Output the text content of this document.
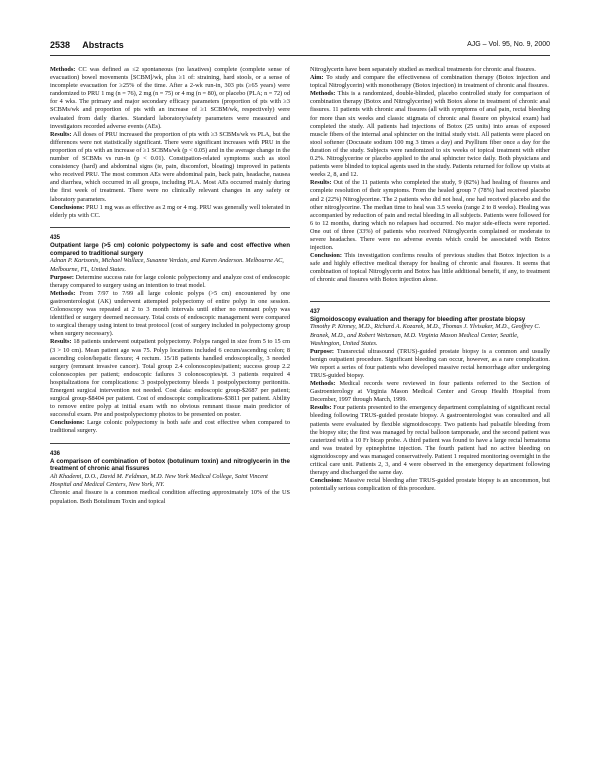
2538 Abstracts	AJG – Vol. 95, No. 9, 2000

Methods: CC was defined as ≤2 spontaneous (no laxatives) complete (complete sense of evacuation) bowel movements [SCBM]/wk, plus ≥1 of: straining, hard stools, or a sense of incomplete evacuation for ≥25% of the time. After a 2-wk run-in, 303 pts (≥65 years) were randomized to PRU 1 mg (n = 76), 2 mg (n = 75) or 4 mg (n = 80), or placebo (PLA; n = 72) od for 4 wks. The primary and major secondary efficacy parameters (proportion of pts with ≥3 SCBMs/wk and proportion of pts with an increase of ≥1 SCBM/wk, respectively) were evaluated from daily diaries. Standard laboratory/safety parameters were measured and investigators recorded adverse events (AEs).

Results: All doses of PRU increased the proportion of pts with ≥3 SCBMs/wk vs PLA, but the differences were not statistically significant. There were significant increases with PRU in the proportion of pts with an increase of ≥1 SCBMs/wk (p < 0.05) and in the average change in the number of SCBMs vs run-in (p < 0.01). Constipation-related symptoms such as stool consistency (hard) and abdominal signs (ie, pain, discomfort, bloating) improved in patients who received PRU. The most common AEs were abdominal pain, back pain, headache, nausea and diarrhea, which occurred in all groups, including PLA. Most AEs occurred mainly during the first week of treatment. There were no clinically relevant changes in any safety or laboratory parameters.

Conclusions: PRU 1 mg was as effective as 2 mg or 4 mg. PRU was generally well tolerated in elderly pts with CC.

435

Outpatient large (>5 cm) colonic polypectomy is safe and cost effective when compared to traditional surgery

Adnan P. Kartsonis, Michael Wallace, Susanne Verdais, and Karen Anderson. Melbourne AC, Melbourne, FL, United States.

Purpose: Determine success rate for large colonic polypectomy and analyze cost of endoscopic therapy compared to surgery using an intention to treat model.

Methods: From 7/97 to 7/99 all large colonic polyps (>5 cm) encountered by one gastroenterologist (AK) underwent attempted polypectomy of entire polyp in one session. Colonoscopy was repeated at 2 to 3 month intervals until either no remnant polyp was identified or surgery deemed necessary. Total costs of endoscopic management were compared to surgical therapy using intent to treat protocol (cost of surgery included in polypectomy group when surgery necessary).

Results: 18 patients underwent outpatient polypectomy. Polyps ranged in size from 5 to 15 cm (3 > 10 cm). Mean patient age was 75. Polyp locations included 6 cecum/ascending colon; 8 ascending colon/hepatic flexure; 4 rectum. 15/18 patients handled endoscopically, 3 needed surgery (remnant invasive cancer). Total group 2.4 colonoscopies/patient; success group 2.2 colonoscopies per patient; endoscopic failures 3 colonoscopies/pt. 3 patients required 4 hospitalizations for complications: 3 postpolypectomy bleeds 1 postpolypectomy peritonitis. Emergent surgical intervention not needed. Cost data: endoscopic group-$2687 per patient; surgical group-$8404 per patient. Cost of endoscopic complications-$3811 per patient. Ability to remove entire polyp at initial exam with no obvious remnant tissue main predictor of successful exam. Pre and postpolypectomy photos to be presented on poster.

Conclusions: Large colonic polypectomy is both safe and cost effective when compared to traditional surgery.

436

A comparison of combination of botox (botulinum toxin) and nitroglycerin in the treatment of chronic anal fissures

Ali Khademi, D.O., David M. Feldman, M.D. New York Medical College, Saint Vincent Hospital and Medical Centers, New York, NY.

Chronic anal fissure is a common medical condition affecting approximately 10% of the US population. Both Botulinum Toxin and topical

Nitroglycerin have been separately studied as medical treatments for chronic anal fissures.

Aim: To study and compare the effectiveness of combination therapy (Botox injection and topical Nitroglycerin) with monotherapy (Botox injection) in treatment of chronic anal fissures.

Methods: This is a randomized, double-blinded, placebo controlled study for comparison of combination therapy (Botox and Nitroglycerine) with Botox alone in treatment of chronic anal fissures. 11 patients with chronic anal fissures (all with symptoms of anal pain, rectal bleeding for more than six weeks and classic stigmata of chronic anal fissure on physical exam) had completed the study. All patients had injections of Botox (25 units) into areas of exposed muscle fibers of the internal anal sphincter on the initial study visit. All patients were placed on stool softener (Docusate sodium 100 mg 3 times a day) and Psyllium fiber once a day for the duration of the study. Subjects were randomized to six weeks of topical treatment with either 0.2%. Nitroglycerine or placebo applied to the anal sphincter twice daily. Both physicians and patients were blinded to topical agents used in the study. Patients returned for follow up visits at weeks 2, 8, and 12.

Results: Out of the 11 patients who completed the study, 9 (82%) had healing of fissures and complete resolution of their symptoms. From the healed group 7 (78%) had received placebo and 2 (22%) Nitroglycerine. The 2 patients who did not heal, one had received placebo and the other nitroglycerine. The median time to heal was 3.5 weeks (range 2 to 8 weeks). Healing was accompanied by reduction of pain and rectal bleeding in all subjects. Patients were followed for 6 to 12 months, during which no relapses had occurred. No major side-effects were reported. One out of three (33%) of patients who received Nitroglycerin complained or moderate to severe headaches. There were no adverse events which could be associated with Botox injection.

Conclusion: This investigation confirms results of previous studies that Botox injection is a safe and highly effective medical therapy for healing of chronic anal fissures. It seems that combination of topical Nitroglycerin and Botox has little additional benefit, if any, to treatment of chronic anal fissures with Botox injection alone.

437

Sigmoidoscopy evaluation and therapy for bleeding after prostate biopsy

Timothy P. Kinney, M.D., Richard A. Kozarek, M.D., Thomas J. Ylvisaker, M.D., Geoffrey C. Branek, M.D., and Robert Weitzman, M.D. Virginia Mason Medical Center, Seattle, Washington, United States.

Purpose: Transrectal ultrasound (TRUS)-guided prostate biopsy is a common and usually benign outpatient procedure. Significant bleeding can occur, however, as a rare complication. We report a series of four patients who developed massive rectal hemorrhage after undergoing TRUS-guided biopsy.

Methods: Medical records were reviewed in four patients referred to the Section of Gastroenterology at Virginia Mason Medical Center and Group Health Hospital from December, 1997 through March, 1999.

Results: Four patients presented to the emergency department complaining of significant rectal bleeding following TRUS-guided prostate biopsy. A gastroenterologist was consulted and all patients were evaluated by flexible sigmoidoscopy. Two patients had pulsatile bleeding from the biopsy site; the first was managed by rectal balloon tamponade, and the second patient was cauterized with a 10 Fr bicap probe. A third patient was found to have a large rectal hematoma and was treated by epinephrine injection. The fourth patient had no active bleeding on sigmoidoscopy and was managed conservatively. Patient 1 required monitoring overnight in the critical care unit. Patients 2, 3, and 4 were observed in the emergency department following therapy and discharged the same day.

Conclusion: Massive rectal bleeding after TRUS-guided prostate biopsy is an uncommon, but potentially serious complication of this procedure.
